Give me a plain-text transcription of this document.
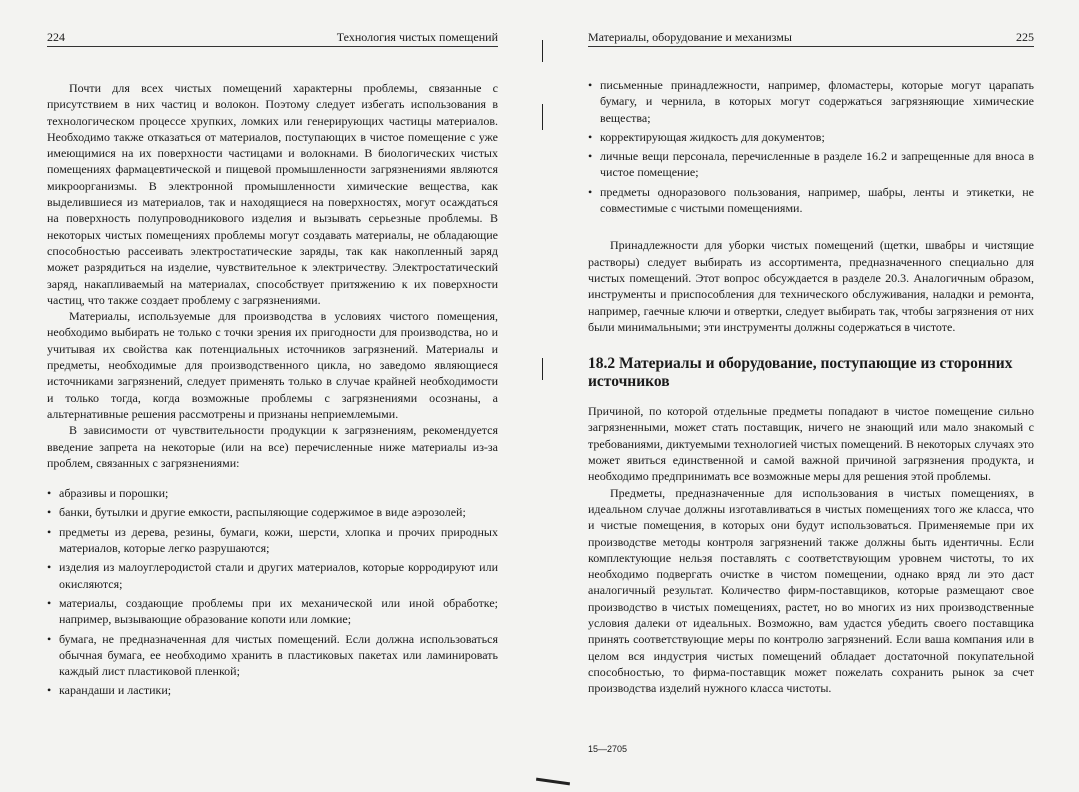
224	Технология чистых помещений

Почти для всех чистых помещений характерны проблемы, связанные с присутствием в них частиц и волокон. Поэтому следует избегать использования в технологическом процессе хрупких, ломких или генерирующих частицы материалов. Необходимо также отказаться от материалов, поступающих в чистое помещение с уже имеющимися на их поверхности частицами и волокнами. В биологических чистых помещениях фармацевтической и пищевой промышленности загрязнениями являются микроорганизмы. В электронной промышленности химические вещества, как выделившиеся из материалов, так и находящиеся на поверхностях, могут осаждаться на поверхность полупроводникового изделия и вызывать серьезные проблемы. В некоторых чистых помещениях проблемы могут создавать материалы, не обладающие способностью рассеивать электростатические заряды, так как накопленный заряд может разрядиться на изделие, чувствительное к электричеству. Электростатический заряд, накапливаемый на материалах, способствует притяжению к их поверхности частиц, что также создает проблему с загрязнениями.

Материалы, используемые для производства в условиях чистого помещения, необходимо выбирать не только с точки зрения их пригодности для производства, но и учитывая их свойства как потенциальных источников загрязнений. Материалы и предметы, необходимые для производственного цикла, но заведомо являющиеся источниками загрязнений, следует применять только в случае крайней необходимости и только тогда, когда возможные проблемы с загрязнениями осознаны, а альтернативные решения рассмотрены и признаны неприемлемыми.

В зависимости от чувствительности продукции к загрязнениям, рекомендуется введение запрета на некоторые (или на все) перечисленные ниже материалы из-за проблем, связанных с загрязнениями:

• абразивы и порошки;
• банки, бутылки и другие емкости, распыляющие содержимое в виде аэрозолей;
• предметы из дерева, резины, бумаги, кожи, шерсти, хлопка и прочих природных материалов, которые легко разрушаются;
• изделия из малоуглеродистой стали и других материалов, которые корродируют или окисляются;
• материалы, создающие проблемы при их механической или иной обработке; например, вызывающие образование копоти или ломкие;
• бумага, не предназначенная для чистых помещений. Если должна использоваться обычная бумага, ее необходимо хранить в пластиковых пакетах или ламинировать каждый лист пластиковой пленкой;
• карандаши и ластики;
Материалы, оборудование и механизмы	225
• письменные принадлежности, например, фломастеры, которые могут царапать бумагу, и чернила, в которых могут содержаться загрязняющие химические вещества;
• корректирующая жидкость для документов;
• личные вещи персонала, перечисленные в разделе 16.2 и запрещенные для вноса в чистое помещение;
• предметы одноразового пользования, например, шабры, ленты и этикетки, не совместимые с чистыми помещениями.

Принадлежности для уборки чистых помещений (щетки, швабры и чистящие растворы) следует выбирать из ассортимента, предназначенного специально для чистых помещений. Этот вопрос обсуждается в разделе 20.3. Аналогичным образом, инструменты и приспособления для технического обслуживания, наладки и ремонта, например, гаечные ключи и отвертки, следует выбирать так, чтобы загрязнения от них были минимальными; эти инструменты должны содержаться в чистоте.

18.2 Материалы и оборудование, поступающие из сторонних источников

Причиной, по которой отдельные предметы попадают в чистое помещение сильно загрязненными, может стать поставщик, ничего не знающий или мало знакомый с требованиями, диктуемыми технологией чистых помещений. В некоторых случаях это может явиться единственной и самой важной причиной загрязнения продукта, и необходимо предпринимать все возможные меры для решения этой проблемы.

Предметы, предназначенные для использования в чистых помещениях, в идеальном случае должны изготавливаться в чистых помещениях того же класса, что и чистые помещения, в которых они будут использоваться. Применяемые при их производстве методы контроля загрязнений также должны быть идентичны. Если комплектующие нельзя поставлять с соответствующим уровнем чистоты, то их необходимо подвергать очистке в чистом помещении, однако вряд ли это даст аналогичный результат. Количество фирм-поставщиков, которые размещают свое производство в чистых помещениях, растет, но во многих из них производственные условия далеки от идеальных. Возможно, вам удастся убедить своего поставщика принять соответствующие меры по контролю загрязнений. Если ваша компания или в целом вся индустрия чистых помещений обладает достаточной покупательной способностью, то фирма-поставщик может пожелать сохранить рынок за счет производства изделий нужного класса чистоты.

15—2705
